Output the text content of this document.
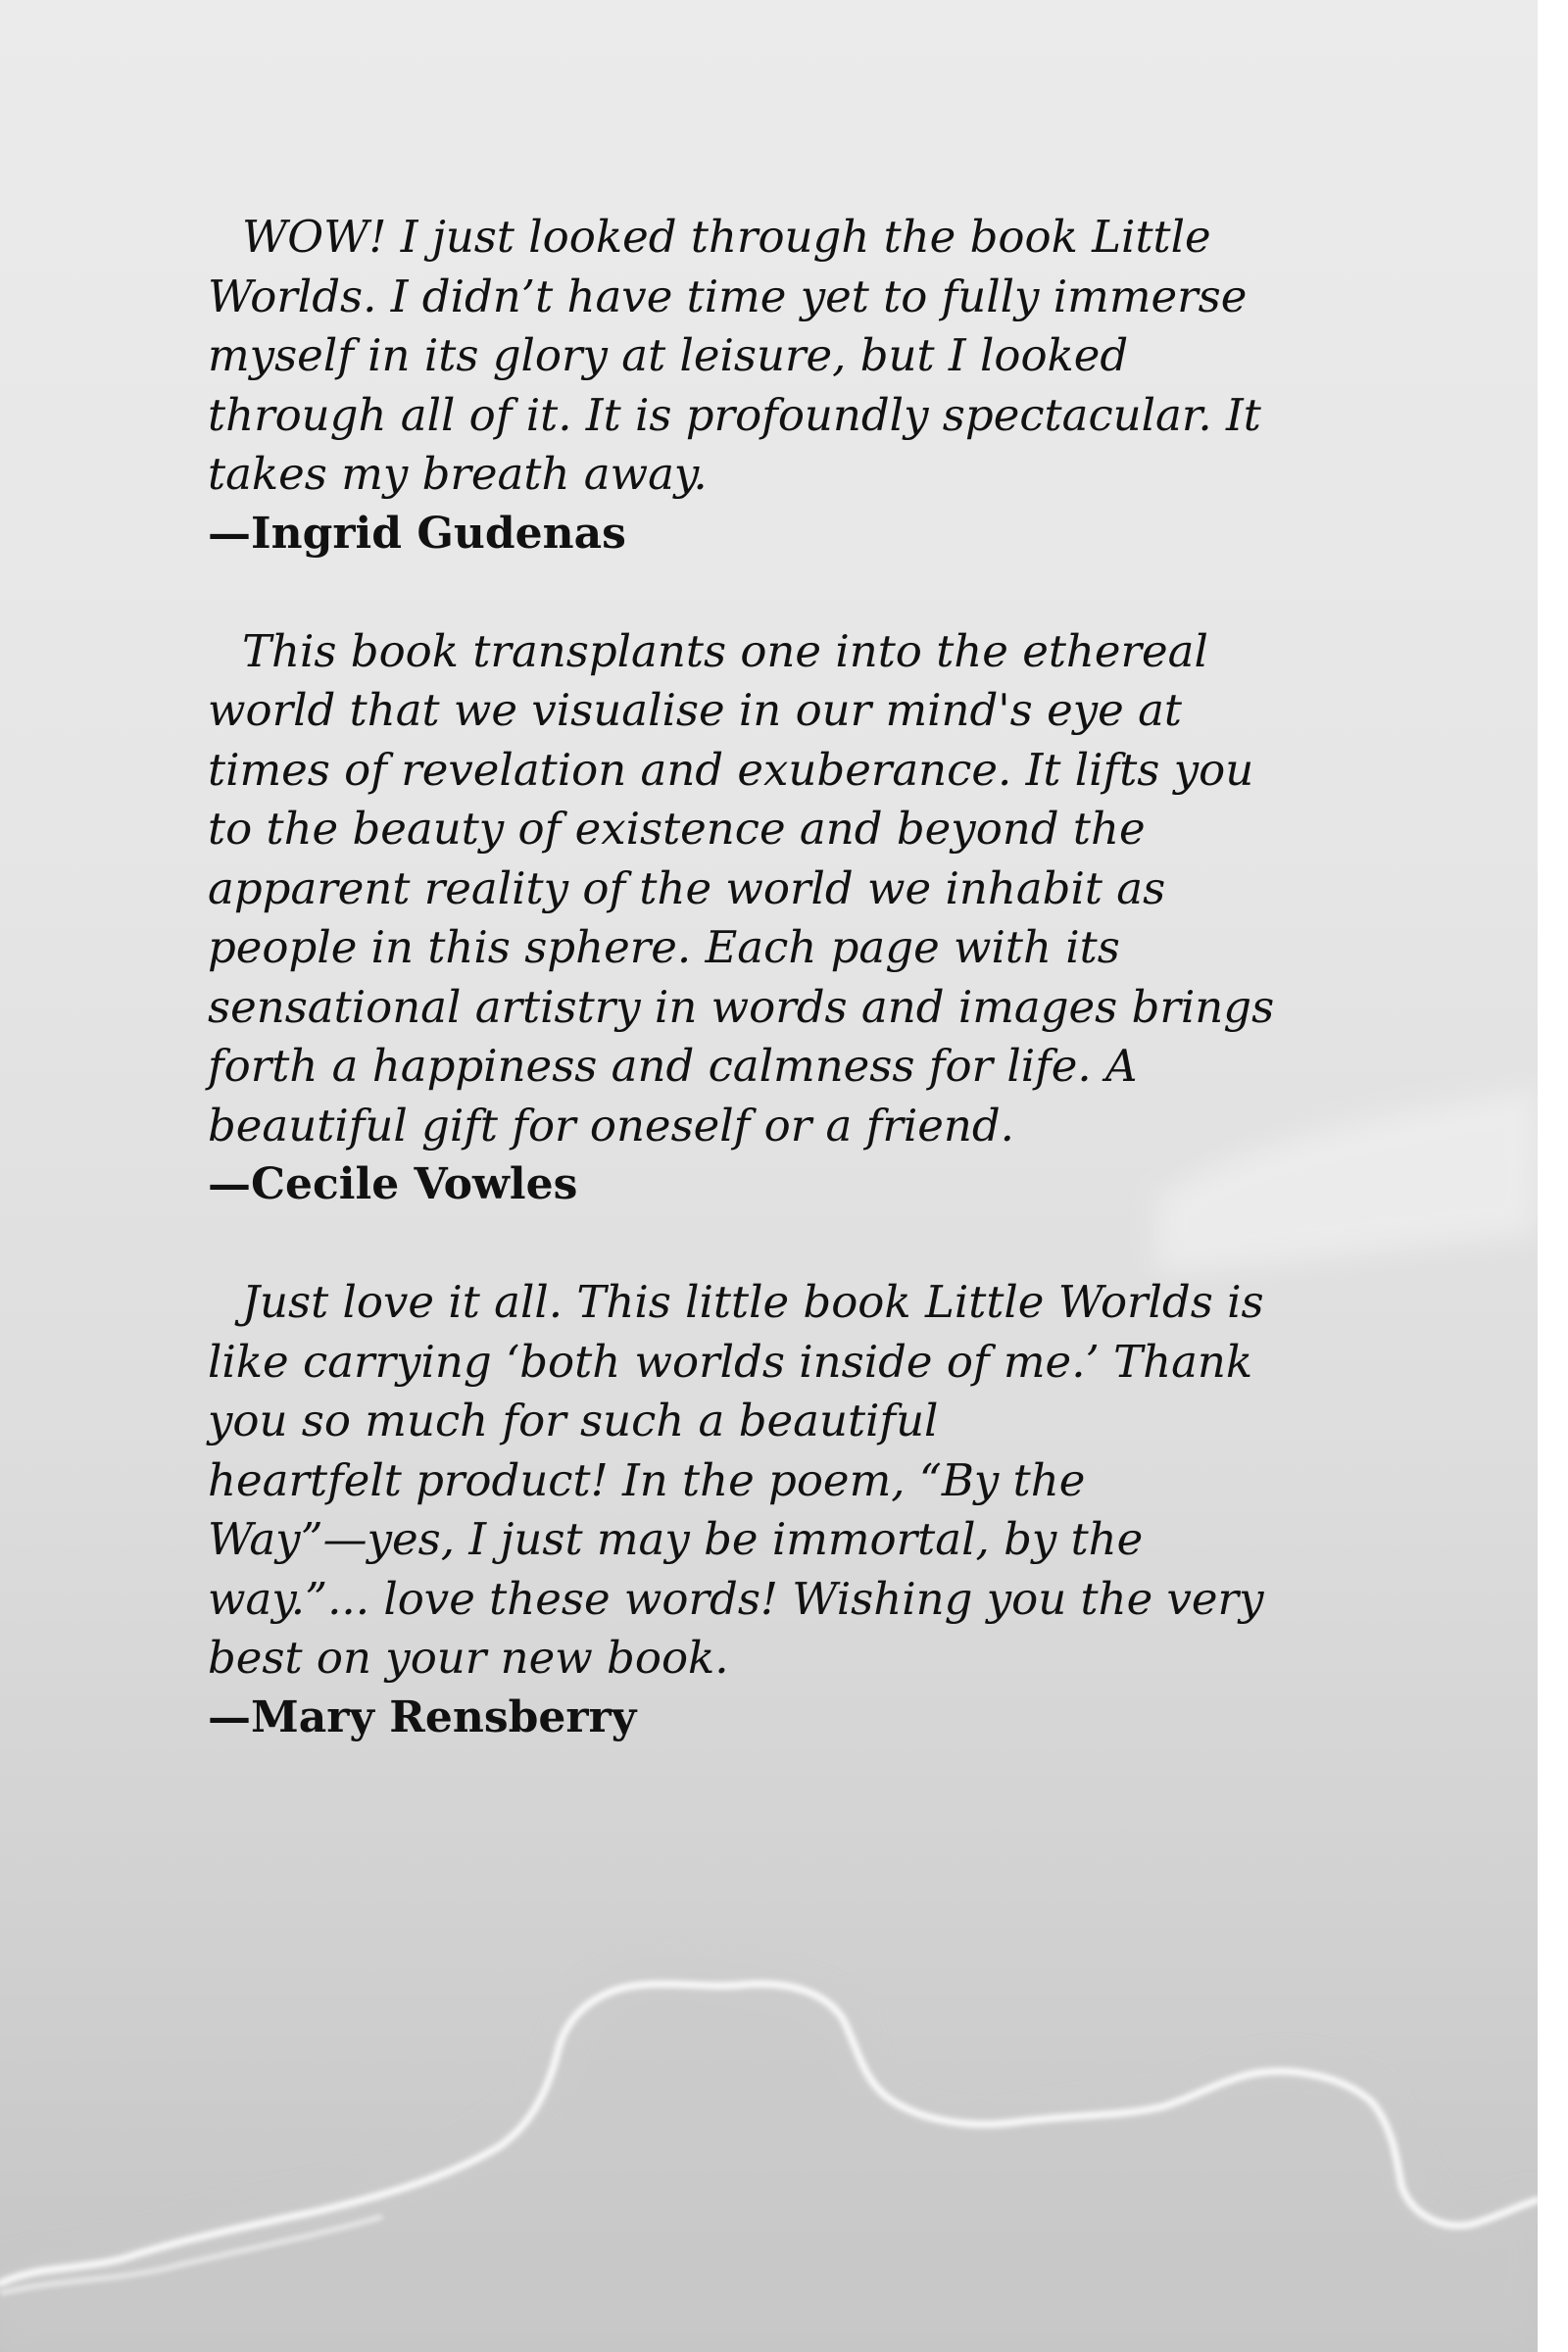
WOW! I just looked through the book Little
Worlds. I didn’t have time yet to fully immerse
myself in its glory at leisure, but I looked
through all of it. It is profoundly spectacular. It
takes my breath away.

—Ingrid Gudenas

This book transplants one into the ethereal
world that we visualise in our mind's eye at
times of revelation and exuberance. It lifts you
to the beauty of existence and beyond the
apparent reality of the world we inhabit as
people in this sphere. Each page with its
sensational artistry in words and images brings
forth a happiness and calmness for life. A
beautiful gift for oneself or a friend.

—Cecile Vowles

Just love it all. This little book Little Worlds is
like carrying ‘both worlds inside of me.’ Thank
you so much for such a beautiful
heartfelt product! In the poem, “By the
Way”—yes, I just may be immortal, by the
way.”... love these words! Wishing you the very
best on your new book.

—Mary Rensberry
